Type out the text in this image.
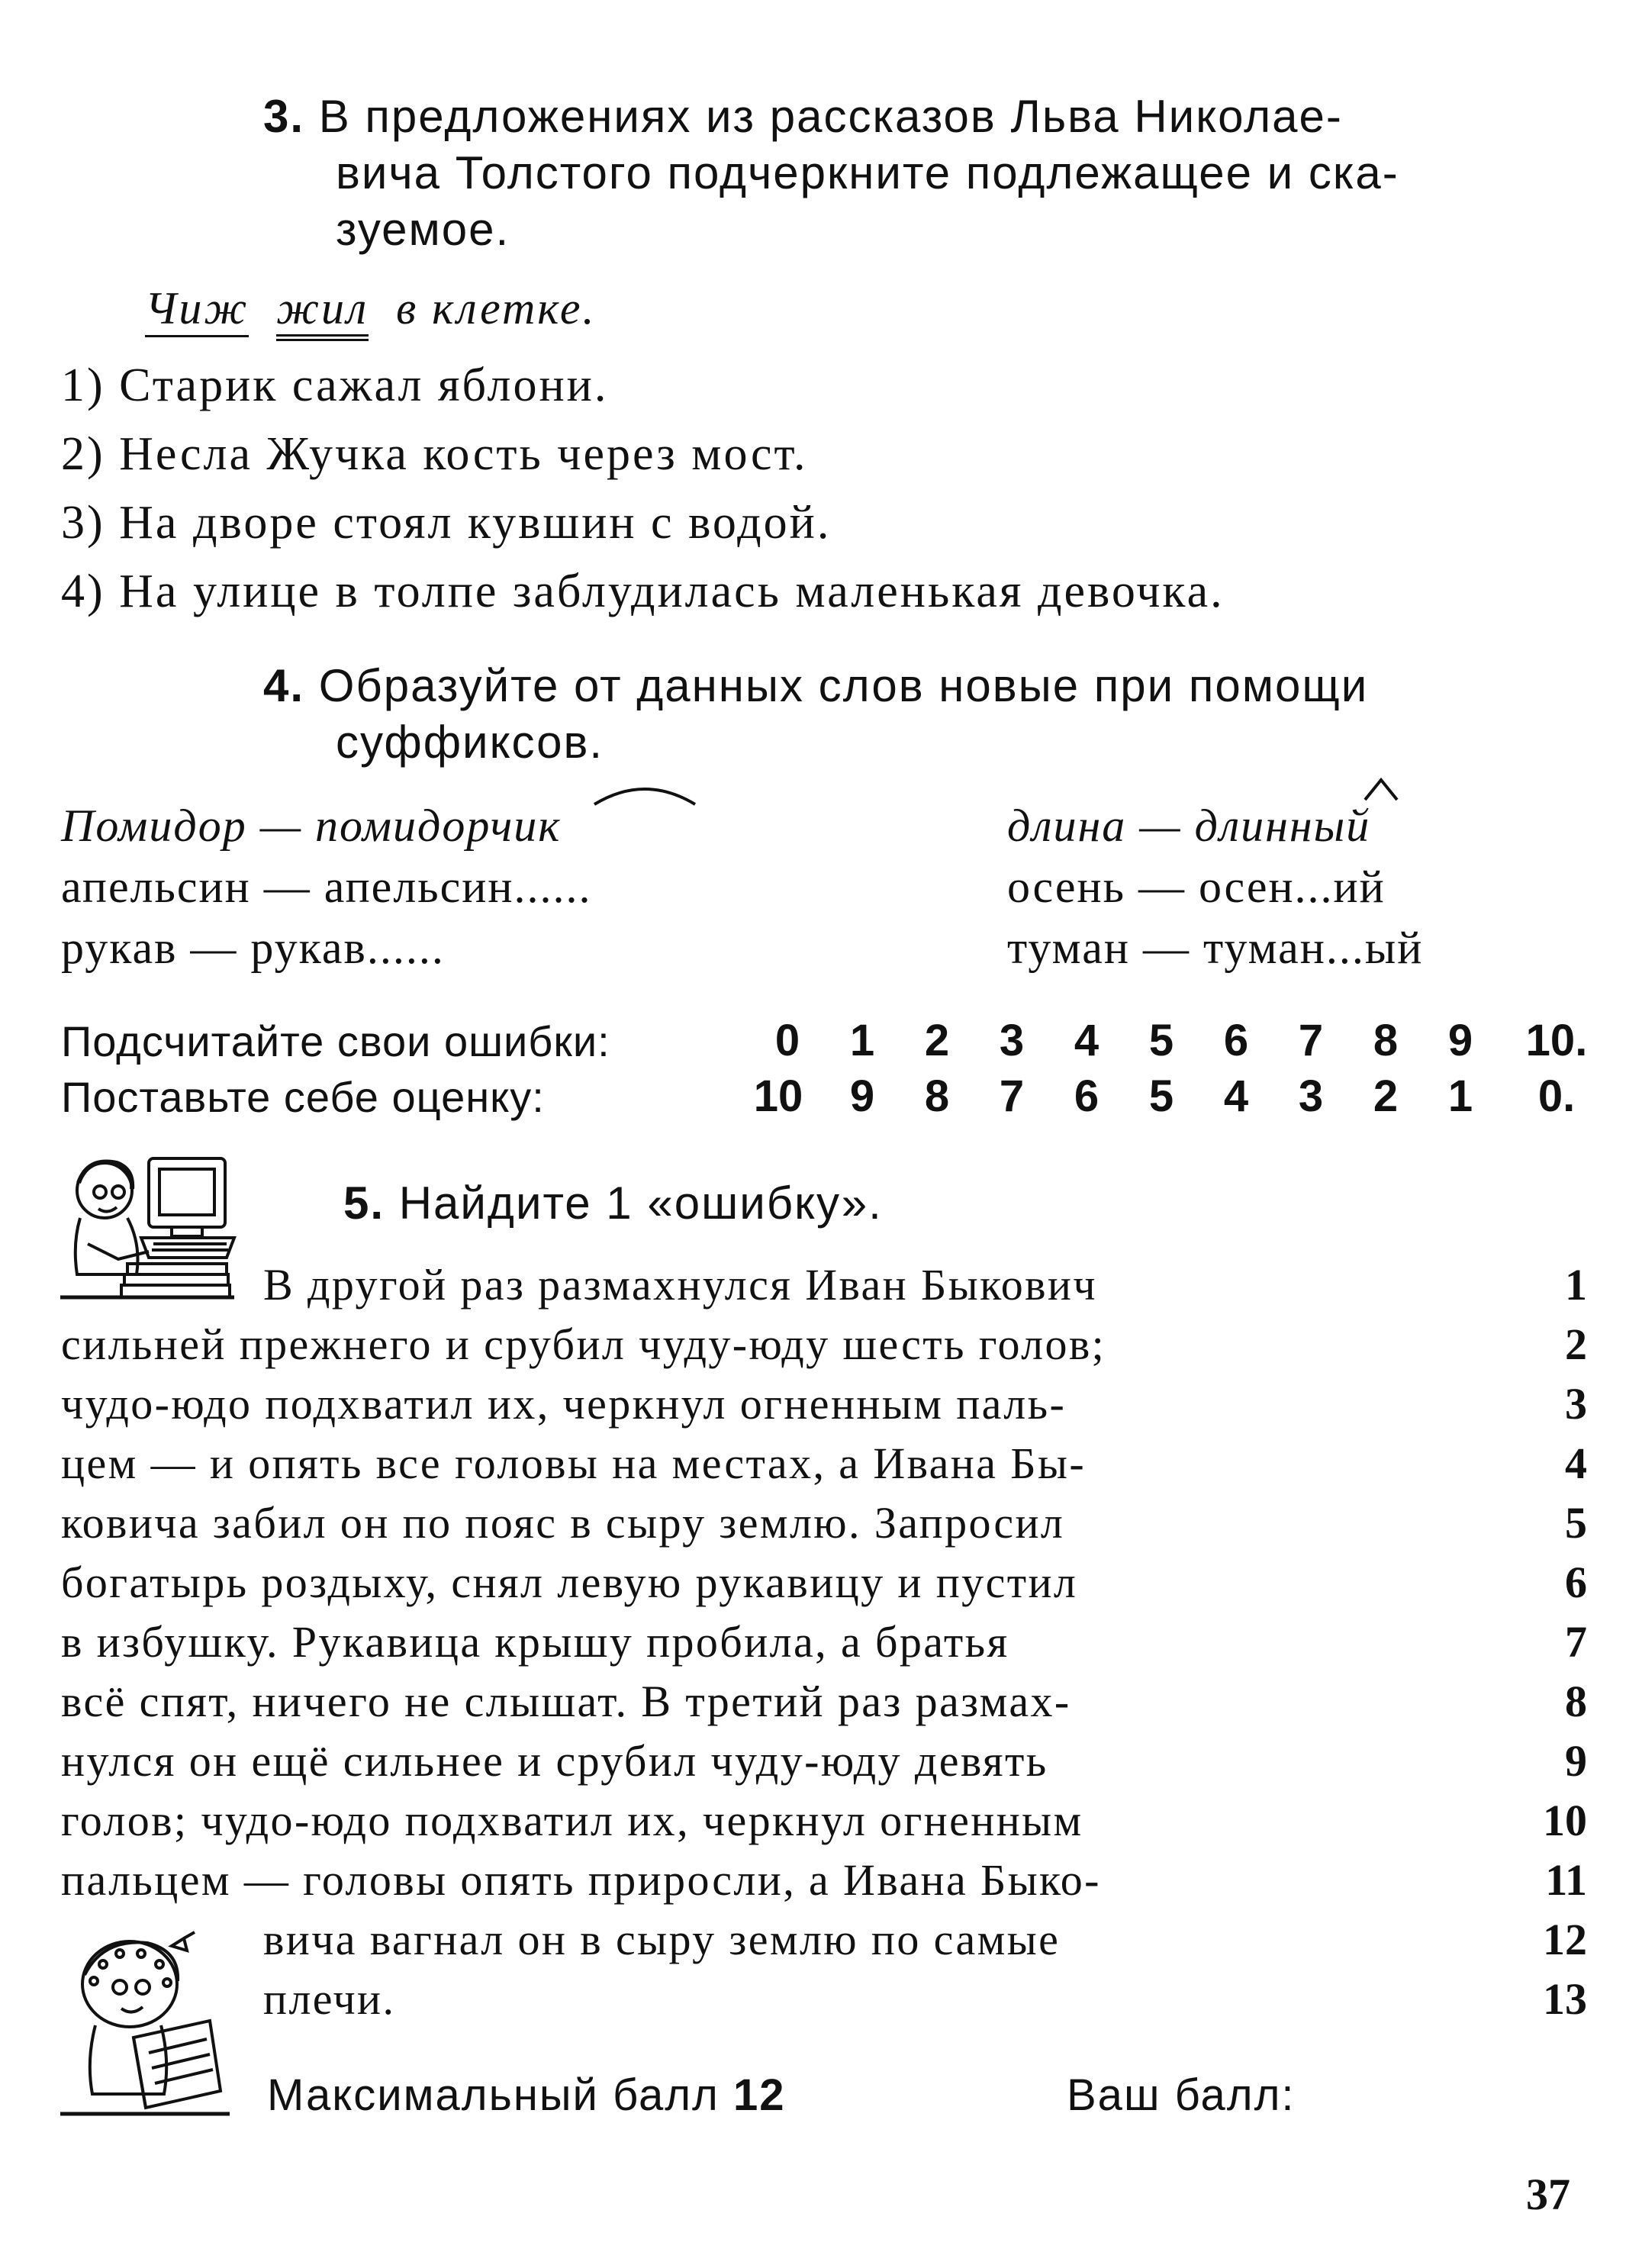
3. В предложениях из рассказов Льва Николае-
вича Толстого подчеркните подлежащее и ска-
зуемое.
Чиж жил в клетке.
1) Старик сажал яблони.
2) Несла Жучка кость через мост.
3) На дворе стоял кувшин с водой.
4) На улице в толпе заблудилась маленькая девочка.
4. Образуйте от данных слов новые при помощи
суффиксов.
Помидор — помидорчик	длина — длинный
апельсин — апельсин......	осень — осен...ий
рукав — рукав......	туман — туман...ый
Подсчитайте свои ошибки:	0 1 2 3 4 5 6 7 8 9 10.
Поставьте себе оценку:	10 9 8 7 6 5 4 3 2 1 0.
5. Найдите 1 «ошибку».
В другой раз размахнулся Иван Быкович
сильней прежнего и срубил чуду-юду шесть голов;
чудо-юдо подхватил их, черкнул огненным паль-
цем — и опять все головы на местах, а Ивана Бы-
ковича забил он по пояс в сыру землю. Запросил
богатырь роздыху, снял левую рукавицу и пустил
в избушку. Рукавица крышу пробила, а братья
всё спят, ничего не слышат. В третий раз размах-
нулся он ещё сильнее и срубил чуду-юду девять
голов; чудо-юдо подхватил их, черкнул огненным
пальцем — головы опять приросли, а Ивана Быко-
вича вагнал он в сыру землю по самые
плечи.
1
2
3
4
5
6
7
8
9
10
11
12
13
Максимальный балл 12	Ваш балл:
37
